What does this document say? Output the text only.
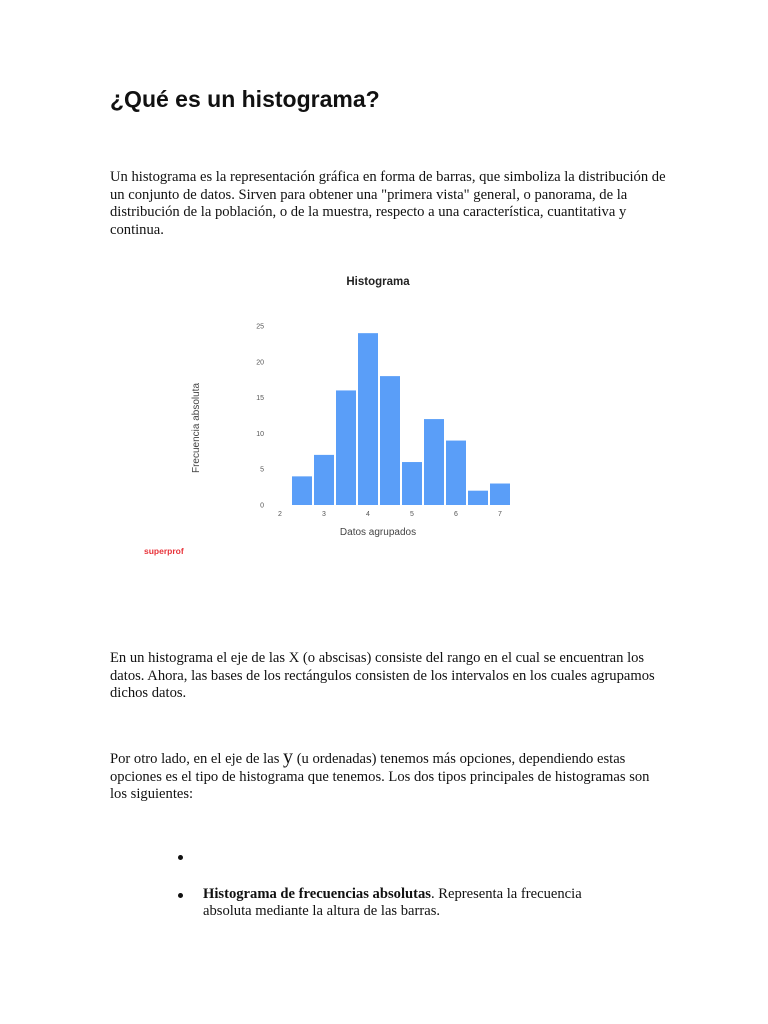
¿Qué es un histograma?

Un histograma es la representación gráfica en forma de barras, que simboliza la distribución de un conjunto de datos. Sirven para obtener una "primera vista" general, o panorama, de la distribución de la población, o de la muestra, respecto a una característica, cuantitativa y continua.

Histograma
Frecuencia absoluta
Datos agrupados
0
5
10
15
20
25
2	3	4	5	6	7
superprof

En un histograma el eje de las X (o abscisas) consiste del rango en el cual se encuentran los datos. Ahora, las bases de los rectángulos consisten de los intervalos en los cuales agrupamos dichos datos.

Por otro lado, en el eje de las y (u ordenadas) tenemos más opciones, dependiendo estas opciones es el tipo de histograma que tenemos. Los dos tipos principales de histogramas son los siguientes:

Histograma de frecuencias absolutas. Representa la frecuencia absoluta mediante la altura de las barras.
